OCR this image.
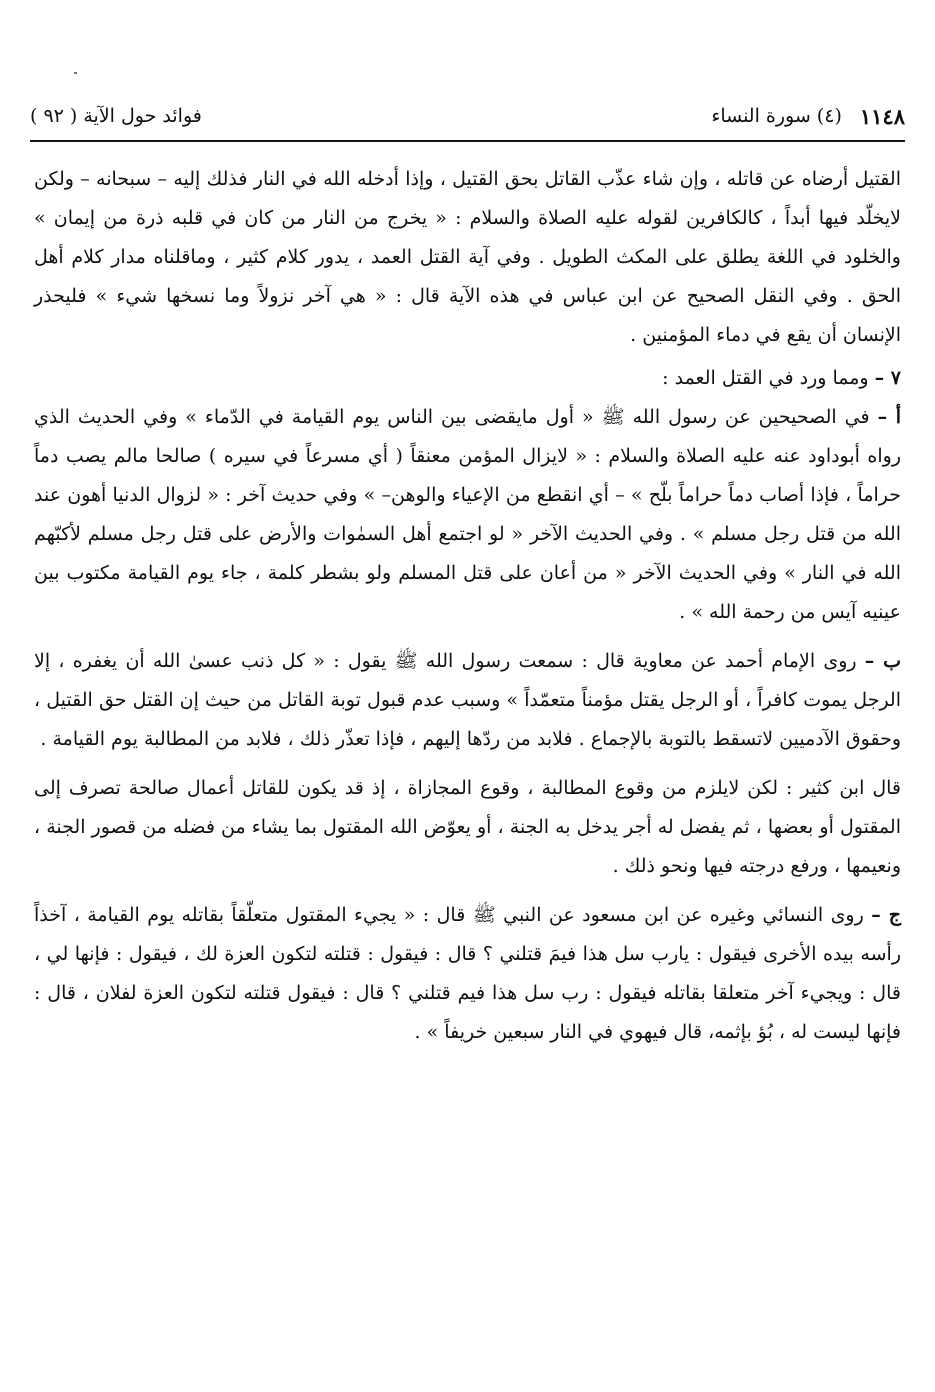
١١٤٨
(٤) سورة النساء
فوائد حول الآية ( ٩٢ )

القتيل أرضاه عن قاتله ، وإن شاء عذّب القاتل بحق القتيل ، وإذا أدخله الله في النار فذلك إليه – سبحانه – ولكن لايخلّد فيها أبداً ، كالكافرين لقوله عليه الصلاة والسلام : « يخرج من النار من كان في قلبه ذرة من إيمان » والخلود في اللغة يطلق على المكث الطويل . وفي آية القتل العمد ، يدور كلام كثير ، وماقلناه مدار كلام أهل الحق . وفي النقل الصحيح عن ابن عباس في هذه الآية قال : « هي آخر نزولاً وما نسخها شيء » فليحذر الإنسان أن يقع في دماء المؤمنين .

٧ – ومما ورد في القتل العمد :

أ – في الصحيحين عن رسول الله ﷺ « أول مايقضى بين الناس يوم القيامة في الدّماء » وفي الحديث الذي رواه أبوداود عنه عليه الصلاة والسلام : « لايزال المؤمن معنقاً ( أي مسرعاً في سيره ) صالحا مالم يصب دماً حراماً ، فإذا أصاب دماً حراماً بلّح » – أي انقطع من الإعياء والوهن– » وفي حديث آخر : « لزوال الدنيا أهون عند الله من قتل رجل مسلم » . وفي الحديث الآخر « لو اجتمع أهل السمٰوات والأرض على قتل رجل مسلم لأكبّهم الله في النار » وفي الحديث الآخر « من أعان على قتل المسلم ولو بشطر كلمة ، جاء يوم القيامة مكتوب بين عينيه آيس من رحمة الله » .

ب – روى الإمام أحمد عن معاوية قال : سمعت رسول الله ﷺ يقول : « كل ذنب عسىٰ الله أن يغفره ، إلا الرجل يموت كافراً ، أو الرجل يقتل مؤمناً متعمّداً » وسبب عدم قبول توبة القاتل من حيث إن القتل حق القتيل ، وحقوق الآدميين لاتسقط بالتوبة بالإجماع . فلابد من ردّها إليهم ، فإذا تعذّر ذلك ، فلابد من المطالبة يوم القيامة .

قال ابن كثير : لكن لايلزم من وقوع المطالبة ، وقوع المجازاة ، إذ قد يكون للقاتل أعمال صالحة تصرف إلى المقتول أو بعضها ، ثم يفضل له أجر يدخل به الجنة ، أو يعوّض الله المقتول بما يشاء من فضله من قصور الجنة ، ونعيمها ، ورفع درجته فيها ونحو ذلك .

ج – روى النسائي وغيره عن ابن مسعود عن النبي ﷺ قال : « يجيء المقتول متعلّقاً بقاتله يوم القيامة ، آخذاً رأسه بيده الأخرى فيقول : يارب سل هذا فيمَ قتلني ؟ قال : فيقول : قتلته لتكون العزة لك ، فيقول : فإنها لي ، قال : ويجيء آخر متعلقا بقاتله فيقول : رب سل هذا فيم قتلني ؟ قال : فيقول قتلته لتكون العزة لفلان ، قال : فإنها ليست له ، بُؤ بإثمه، قال فيهوي في النار سبعين خريفاً » .
